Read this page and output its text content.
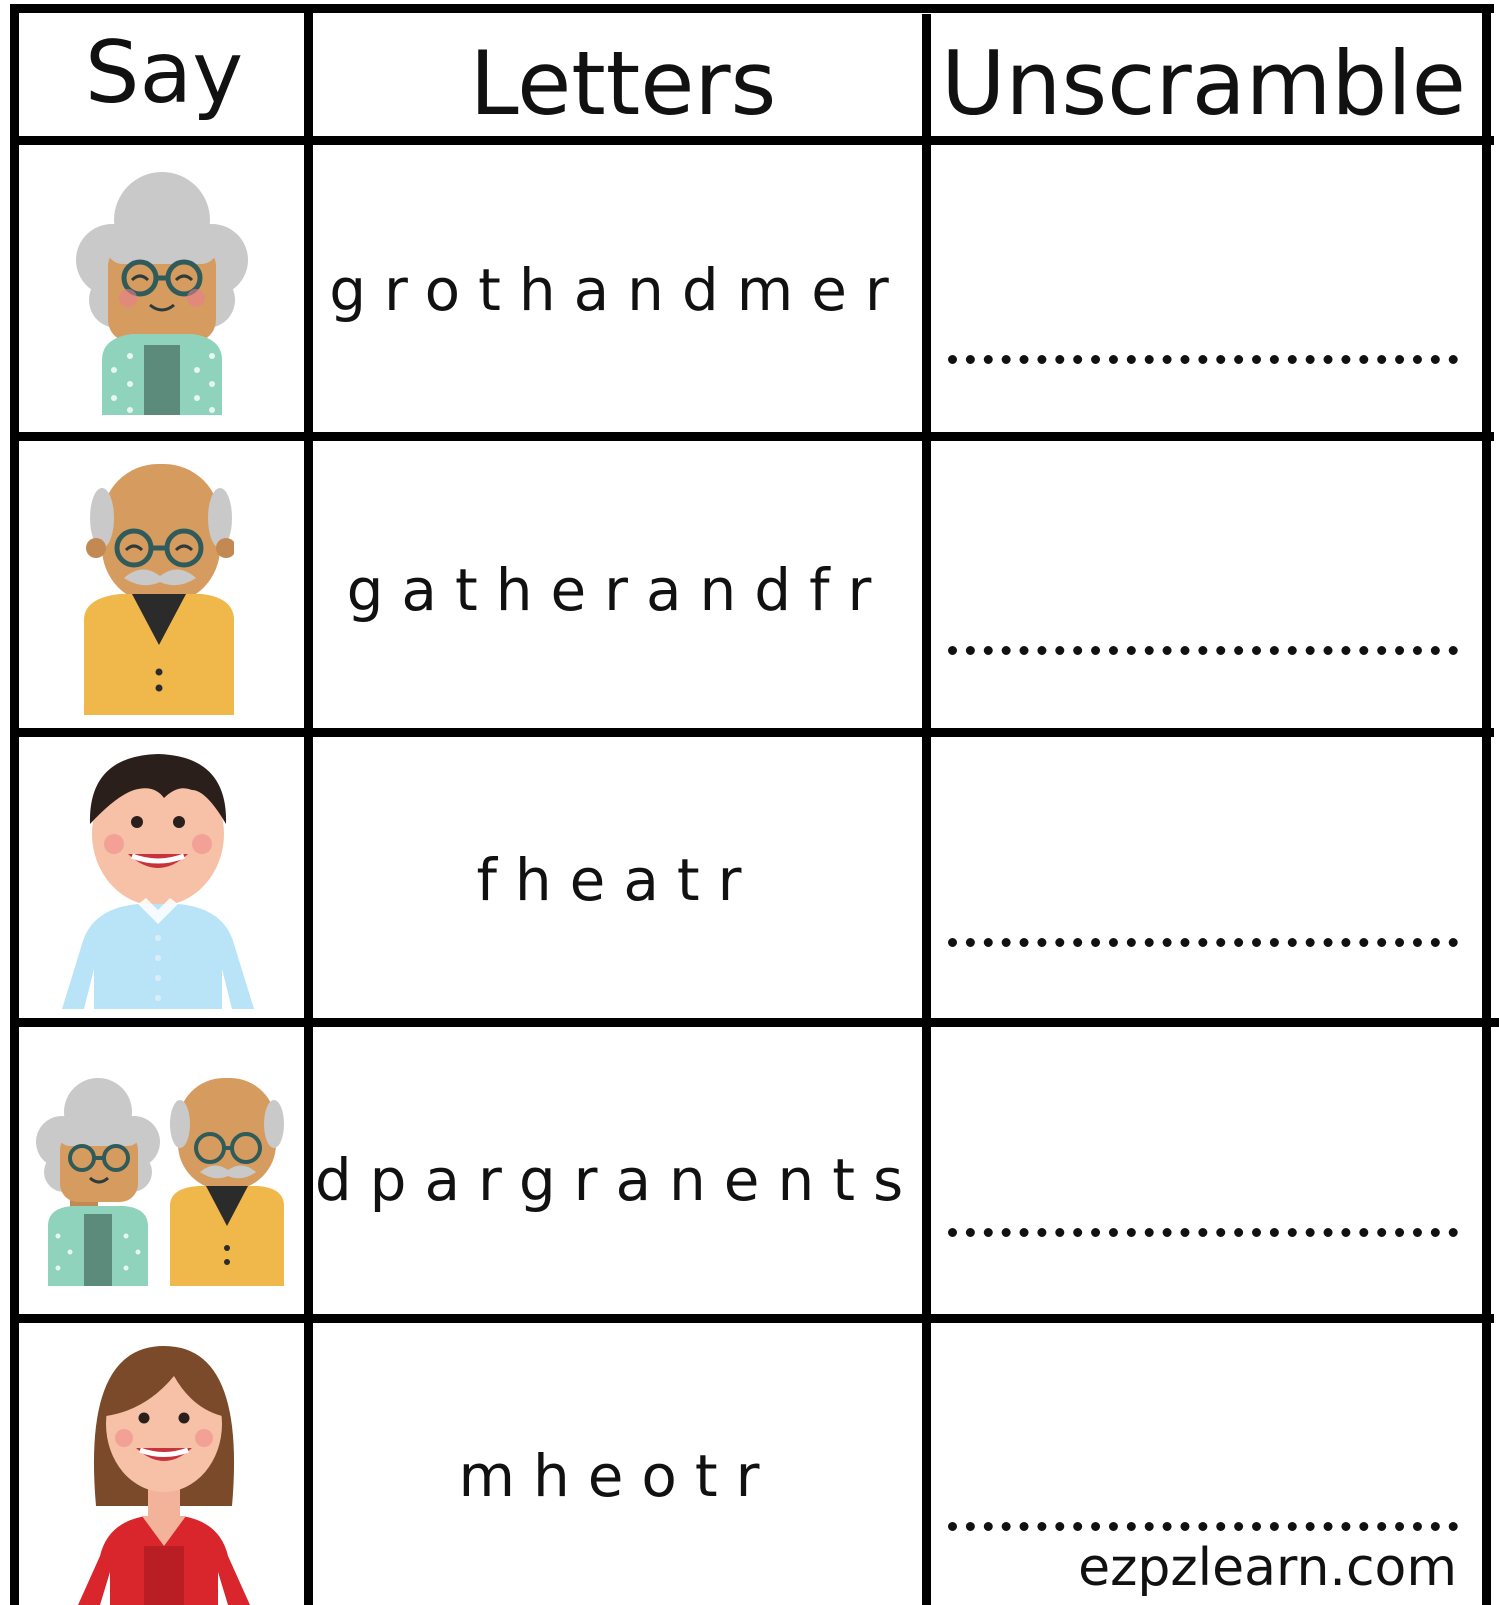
Say	Letters	Unscramble
grothandmer
gatherandfr
fheatr
dpargranents
mheotr
ezpzlearn.com
